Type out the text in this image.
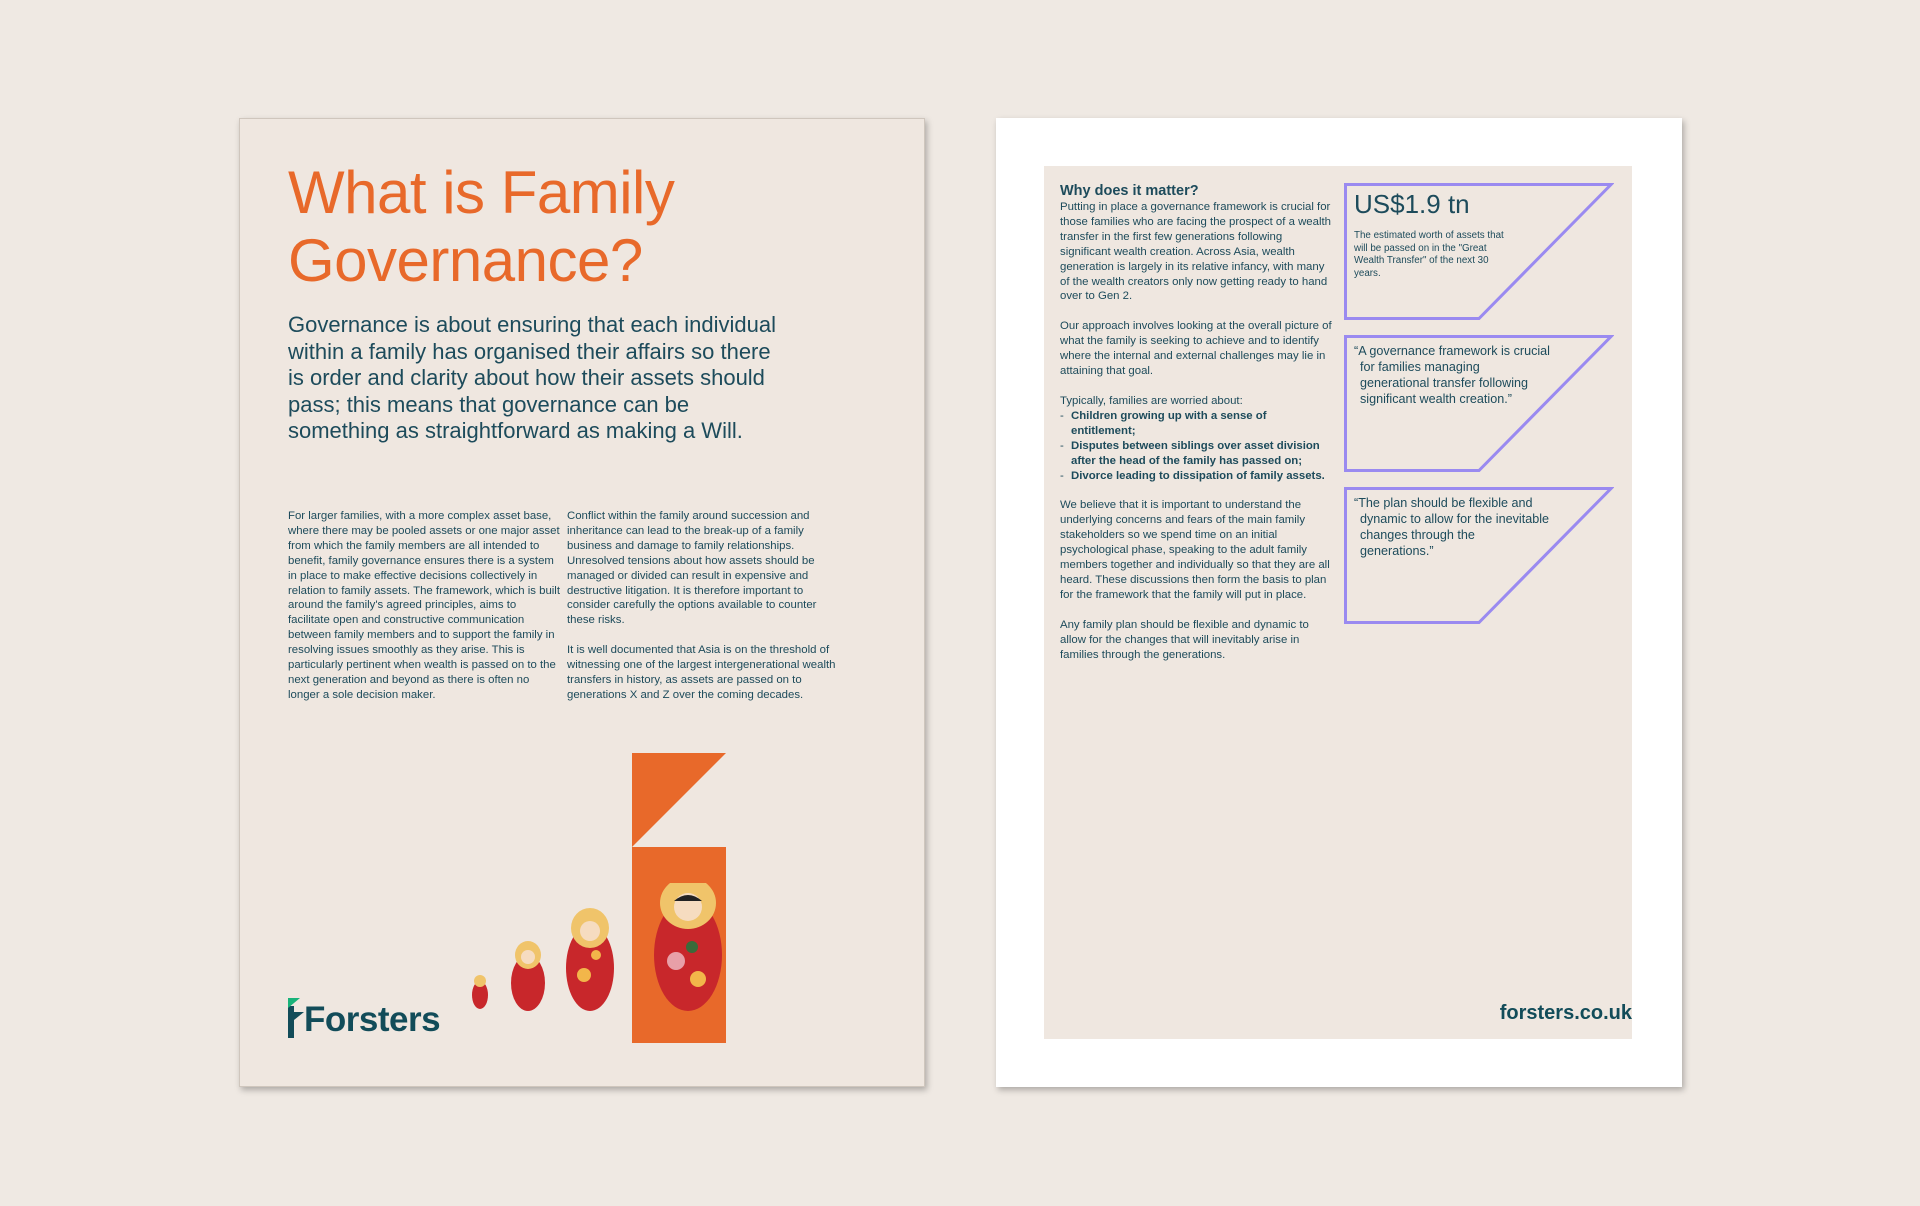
What is Family
Governance?

Governance is about ensuring that each individual within a family has organised their affairs so there is order and clarity about how their assets should pass; this means that governance can be something as straightforward as making a Will.

For larger families, with a more complex asset base, where there may be pooled assets or one major asset from which the family members are all intended to benefit, family governance ensures there is a system in place to make effective decisions collectively in relation to family assets. The framework, which is built around the family's agreed principles, aims to facilitate open and constructive communication between family members and to support the family in resolving issues smoothly as they arise. This is particularly pertinent when wealth is passed on to the next generation and beyond as there is often no longer a sole decision maker.

Conflict within the family around succession and inheritance can lead to the break-up of a family business and damage to family relationships. Unresolved tensions about how assets should be managed or divided can result in expensive and destructive litigation. It is therefore important to consider carefully the options available to counter these risks.

It is well documented that Asia is on the threshold of witnessing one of the largest intergenerational wealth transfers in history, as assets are passed on to generations X and Z over the coming decades.

Forsters
Why does it matter?

Putting in place a governance framework is crucial for those families who are facing the prospect of a wealth transfer in the first few generations following significant wealth creation. Across Asia, wealth generation is largely in its relative infancy, with many of the wealth creators only now getting ready to hand over to Gen 2.

Our approach involves looking at the overall picture of what the family is seeking to achieve and to identify where the internal and external challenges may lie in attaining that goal.

Typically, families are worried about:
- Children growing up with a sense of entitlement;
- Disputes between siblings over asset division after the head of the family has passed on;
- Divorce leading to dissipation of family assets.

We believe that it is important to understand the underlying concerns and fears of the main family stakeholders so we spend time on an initial psychological phase, speaking to the adult family members together and individually so that they are all heard. These discussions then form the basis to plan for the framework that the family will put in place.

Any family plan should be flexible and dynamic to allow for the changes that will inevitably arise in families through the generations.

US$1.9 tn
The estimated worth of assets that will be passed on in the "Great Wealth Transfer" of the next 30 years.
“A governance framework is crucial for families managing generational transfer following significant wealth creation.”
“The plan should be flexible and dynamic to allow for the inevitable changes through the generations.”
forsters.co.uk
